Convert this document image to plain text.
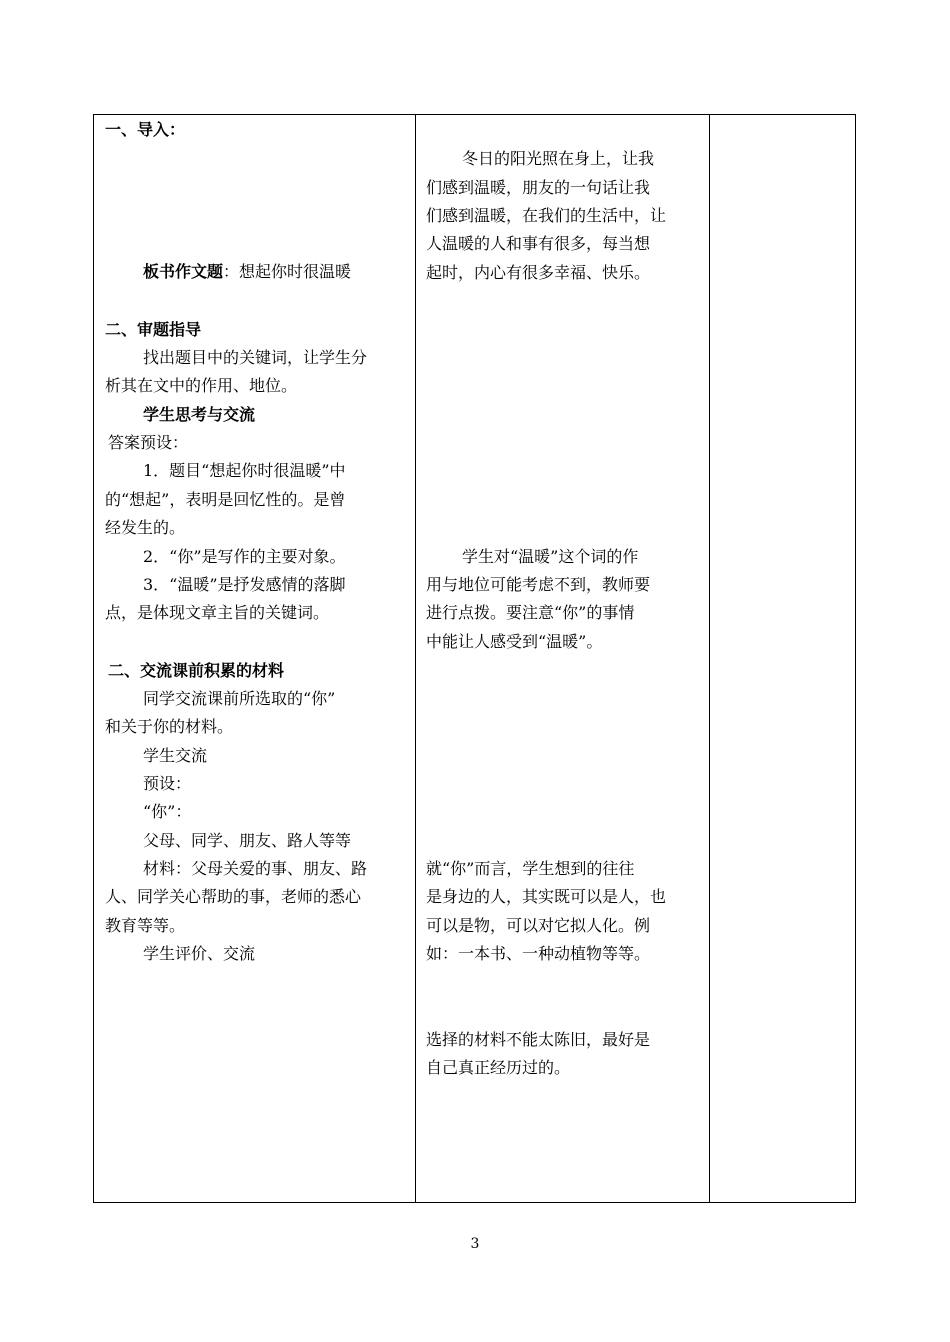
一、导入：
板书作文题：想起你时很温暖
二、审题指导
找出题目中的关键词，让学生分
析其在文中的作用、地位。
学生思考与交流
答案预设：
1．题目“想起你时很温暖”中
的“想起”，表明是回忆性的。是曾
经发生的。
2．“你”是写作的主要对象。
3．“温暖”是抒发感情的落脚
点，是体现文章主旨的关键词。
二、交流课前积累的材料
同学交流课前所选取的“你”
和关于你的材料。
学生交流
预设：
“你”：
父母、同学、朋友、路人等等
材料：父母关爱的事、朋友、路
人、同学关心帮助的事，老师的悉心
教育等等。
学生评价、交流
冬日的阳光照在身上，让我
们感到温暖，朋友的一句话让我
们感到温暖，在我们的生活中，让
人温暖的人和事有很多，每当想
起时，内心有很多幸福、快乐。
学生对“温暖”这个词的作
用与地位可能考虑不到，教师要
进行点拨。要注意“你”的事情
中能让人感受到“温暖”。
就“你”而言，学生想到的往往
是身边的人，其实既可以是人，也
可以是物，可以对它拟人化。例
如：一本书、一种动植物等等。
选择的材料不能太陈旧，最好是
自己真正经历过的。
3
